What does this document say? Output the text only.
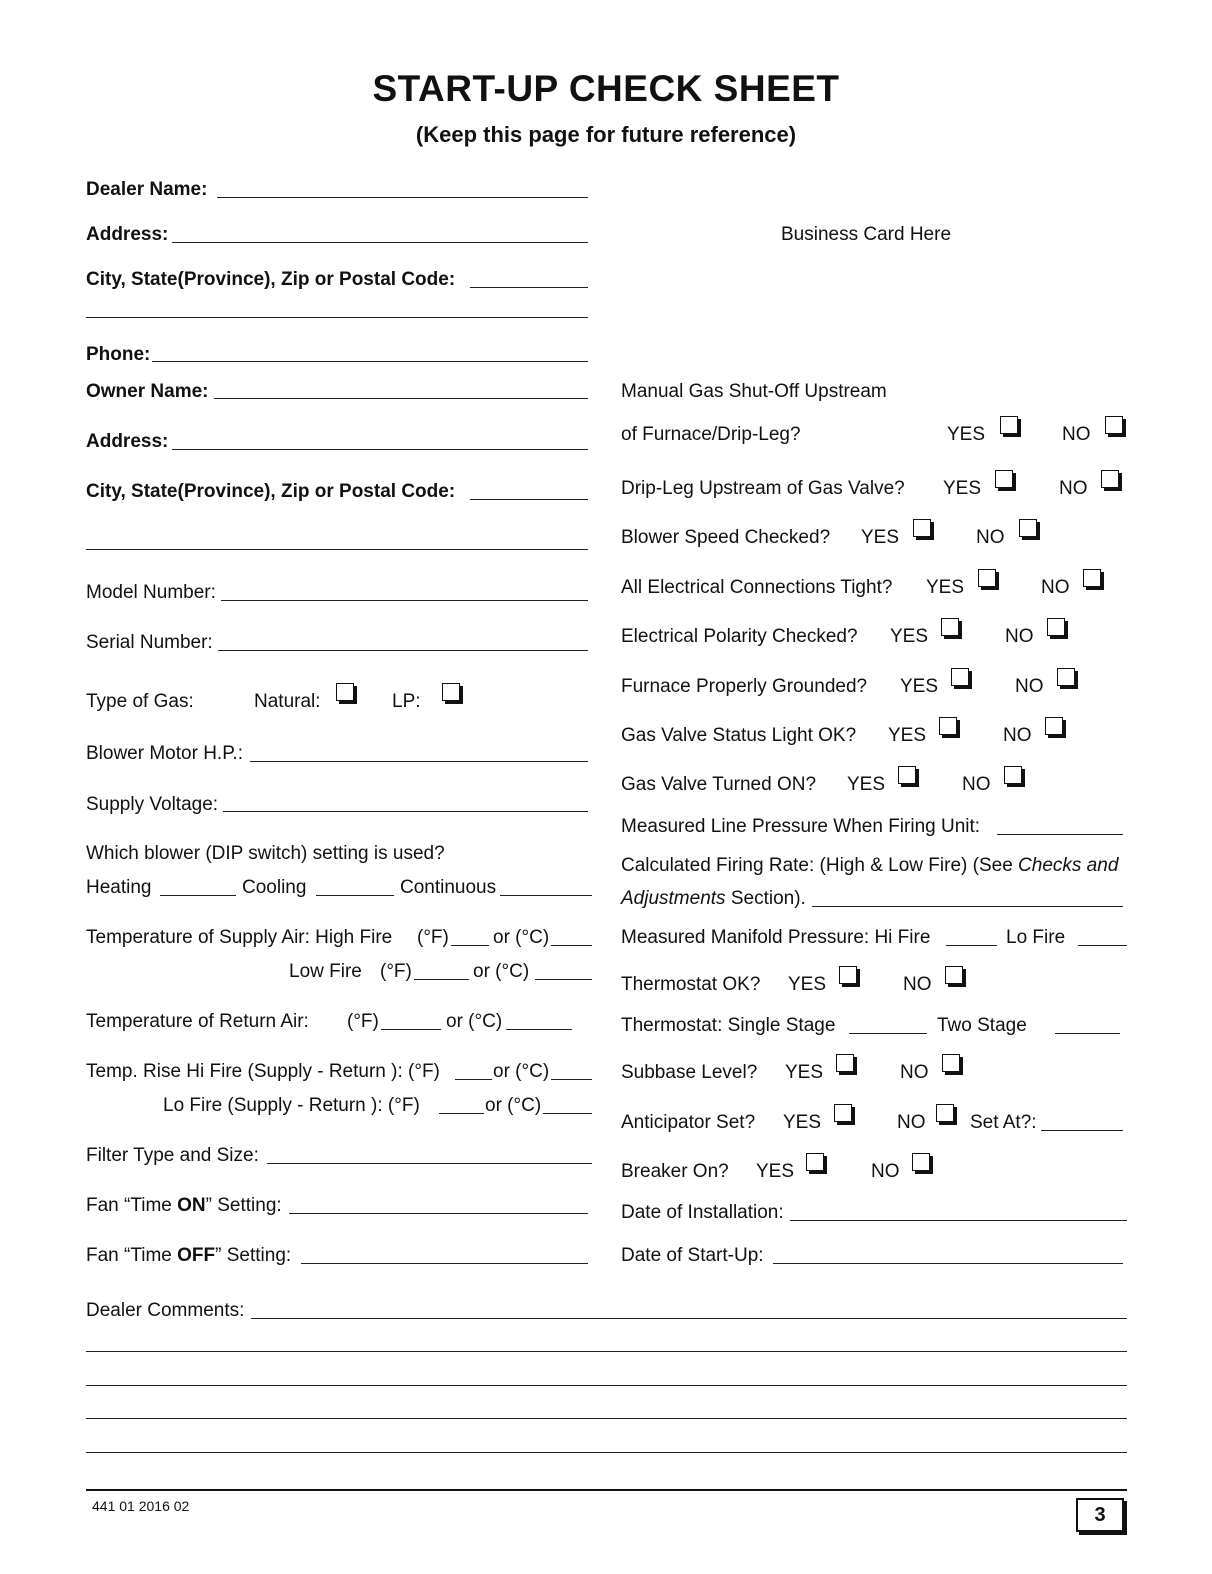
START-UP CHECK SHEET
(Keep this page for future reference)
Dealer Name:
Address:
City, State(Province), Zip or Postal Code:
Phone:
Business Card Here
Owner Name:
Address:
City, State(Province), Zip or Postal Code:
Model Number:
Serial Number:
Type of Gas:	Natural:	LP:
Blower Motor H.P.:
Supply Voltage:
Which blower (DIP switch) setting is used?
Heating	Cooling	Continuous
Temperature of Supply Air: High Fire (°F) or (°C)
Low Fire (°F)	or (°C)
Temperature of Return Air: (°F)	or (°C)
Temp. Rise Hi Fire (Supply - Return ): (°F)	or (°C)
Lo Fire (Supply - Return ): (°F)	or (°C)
Filter Type and Size:
Fan “Time ON” Setting:
Fan “Time OFF” Setting:
Manual Gas Shut-Off Upstream
of Furnace/Drip-Leg?	YES	NO
Drip-Leg Upstream of Gas Valve? YES	NO
Blower Speed Checked? YES	NO
All Electrical Connections Tight? YES	NO
Electrical Polarity Checked? YES	NO
Furnace Properly Grounded? YES	NO
Gas Valve Status Light OK? YES	NO
Gas Valve Turned ON? YES	NO
Measured Line Pressure When Firing Unit:
Calculated Firing Rate: (High & Low Fire) (See Checks and
Adjustments Section).
Measured Manifold Pressure: Hi Fire	Lo Fire
Thermostat OK? YES	NO
Thermostat: Single Stage	Two Stage
Subbase Level? YES	NO
Anticipator Set? YES	NO Set At?:
Breaker On? YES	NO
Date of Installation:
Date of Start-Up:
Dealer Comments:
441 01 2016 02	3
